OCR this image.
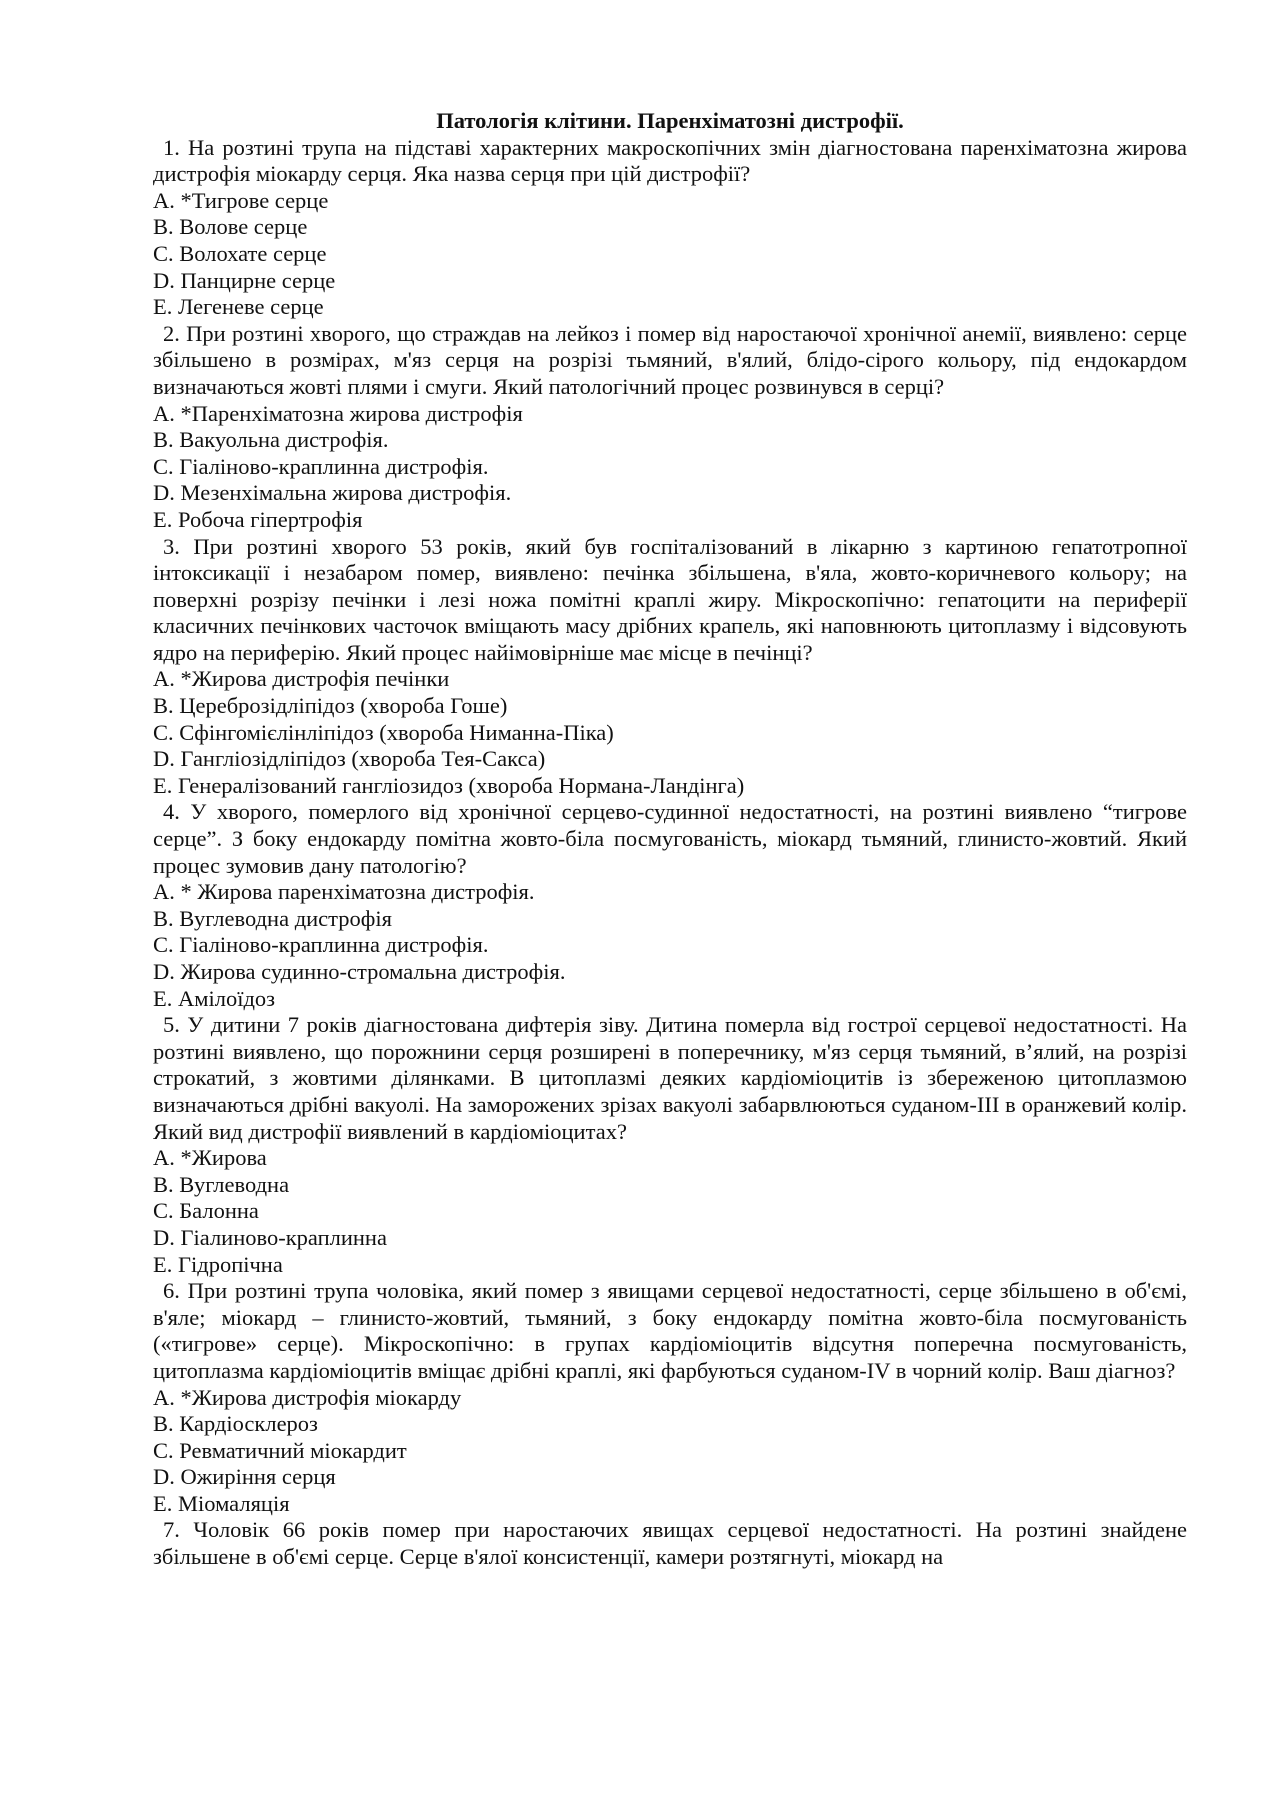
Патологія клітини. Паренхіматозні дистрофії.

1. На розтині трупа на підставі характерних макроскопічних змін діагностована паренхіматозна жирова дистрофія міокарду серця. Яка назва серця при цій дистрофії?

A. *Тигрове серце

B. Волове серце

C. Волохате серце

D. Панцирне серце

E. Легеневе серце

2. При розтині хворого, що страждав на лейкоз і помер від наростаючої хронічної анемії, виявлено: серце збільшено в розмірах, м'яз серця на розрізі тьмяний, в'ялий, блідо-сірого кольору, під ендокардом визначаються жовті плями і смуги. Який патологічний процес розвинувся в серці?

A. *Паренхіматозна жирова дистрофія

B. Вакуольна дистрофія.

C. Гіаліново-краплинна дистрофія.

D. Мезенхімальна жирова дистрофія.

E. Робоча гіпертрофія

3. При розтині хворого 53 років, який був госпіталізований в лікарню з картиною гепатотропної інтоксикації і незабаром помер, виявлено: печінка збільшена, в'яла, жовто-коричневого кольору; на поверхні розрізу печінки і лезі ножа помітні краплі жиру. Мікроскопічно: гепатоцити на периферії класичних печінкових часточок вміщають масу дрібних крапель, які наповнюють цитоплазму і відсовують ядро на периферію. Який процес найімовірніше має місце в печінці?

A. *Жирова дистрофія печінки

B. Цереброзідліпідоз (хвороба Гоше)

C. Сфінгомієлінліпідоз (хвороба Ниманна-Піка)

D. Гангліозідліпідоз (хвороба Тея-Сакса)

E. Генералізований гангліозидоз (хвороба Нормана-Ландінга)

4. У хворого, померлого від хронічної серцево-судинної недостатності, на розтині виявлено “тигрове серце”. З боку ендокарду помітна жовто-біла посмугованість, міокард тьмяний, глинисто-жовтий. Який процес зумовив дану патологію?

A. * Жирова паренхіматозна дистрофія.

B. Вуглеводна дистрофія

C. Гіаліново-краплинна дистрофія.

D. Жирова судинно-стромальна дистрофія.

E. Амілоїдоз

5. У дитини 7 років діагностована дифтерія зіву. Дитина померла від гострої серцевої недостатності. На розтині виявлено, що порожнини серця розширені в поперечнику, м'яз серця тьмяний, в’ялий, на розрізі строкатий, з жовтими ділянками. В цитоплазмі деяких кардіоміоцитів із збереженою цитоплазмою визначаються дрібні вакуолі. На заморожених зрізах вакуолі забарвлюються суданом-III в оранжевий колір. Який вид дистрофії виявлений в кардіоміоцитах?

A. *Жирова

B. Вуглеводна

C. Балонна

D. Гіалиново-краплинна

E. Гідропічна

6. При розтині трупа чоловіка, який помер з явищами серцевої недостатності, серце збільшено в об'ємі, в'яле; міокард – глинисто-жовтий, тьмяний, з боку ендокарду помітна жовто-біла посмугованість («тигрове» серце). Мікроскопічно: в групах кардіоміоцитів відсутня поперечна посмугованість, цитоплазма кардіоміоцитів вміщає дрібні краплі, які фарбуються суданом-IV в чорний колір. Ваш діагноз?

A. *Жирова дистрофія міокарду

B. Кардіосклероз

C. Ревматичний міокардит

D. Ожиріння серця

E. Міомаляція

7. Чоловік 66 років помер при наростаючих явищах серцевої недостатності. На розтині знайдене збільшене в об'ємі серце. Серце в'ялої консистенції, камери розтягнуті, міокард на
